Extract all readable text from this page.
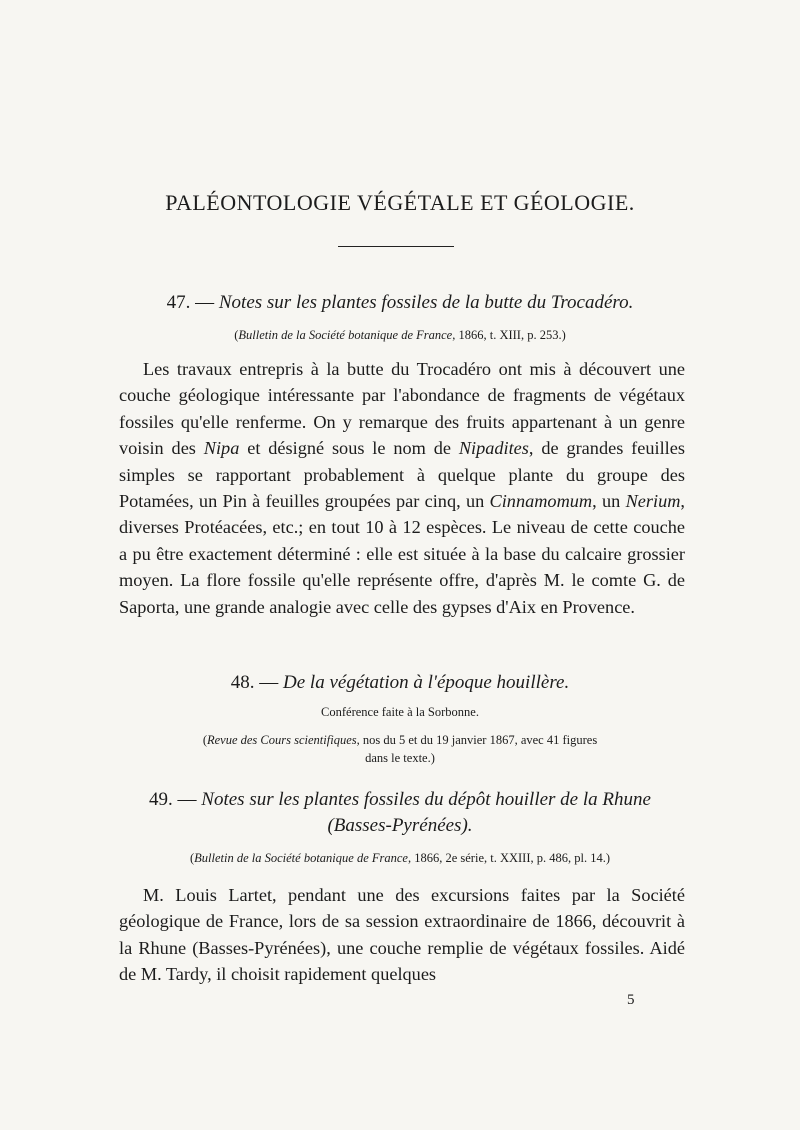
PALÉONTOLOGIE VÉGÉTALE ET GÉOLOGIE.
47. — Notes sur les plantes fossiles de la butte du Trocadéro.
(Bulletin de la Société botanique de France, 1866, t. XIII, p. 253.)

Les travaux entrepris à la butte du Trocadéro ont mis à découvert une couche géologique intéressante par l'abondance de fragments de végétaux fossiles qu'elle renferme. On y remarque des fruits appartenant à un genre voisin des Nipa et désigné sous le nom de Nipadites, de grandes feuilles simples se rapportant probablement à quelque plante du groupe des Potamées, un Pin à feuilles groupées par cinq, un Cinnamomum, un Nerium, diverses Protéacées, etc.; en tout 10 à 12 espèces. Le niveau de cette couche a pu être exactement déterminé : elle est située à la base du calcaire grossier moyen. La flore fossile qu'elle représente offre, d'après M. le comte G. de Saporta, une grande analogie avec celle des gypses d'Aix en Provence.

48. — De la végétation à l'époque houillère.
Conférence faite à la Sorbonne.
(Revue des Cours scientifiques, nos du 5 et du 19 janvier 1867, avec 41 figures
dans le texte.)
49. — Notes sur les plantes fossiles du dépôt houiller de la Rhune
(Basses-Pyrénées).
(Bulletin de la Société botanique de France, 1866, 2e série, t. XXIII, p. 486, pl. 14.)

M. Louis Lartet, pendant une des excursions faites par la Société géologique de France, lors de sa session extraordinaire de 1866, découvrit à la Rhune (Basses-Pyrénées), une couche remplie de végétaux fossiles. Aidé de M. Tardy, il choisit rapidement quelques

5
